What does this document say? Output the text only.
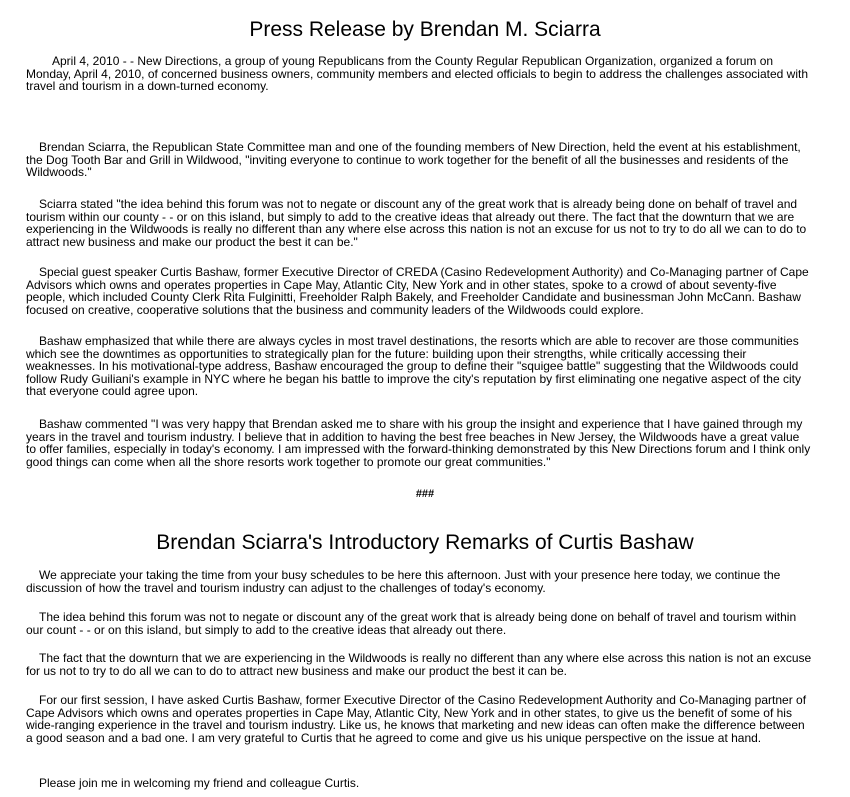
Press Release by Brendan M. Sciarra

April 4, 2010 - - New Directions, a group of young Republicans from the County Regular Republican Organization, organized a forum on Monday, April 4, 2010, of concerned business owners, community members and elected officials to begin to address the challenges associated with travel and tourism in a down-turned economy.

Brendan Sciarra, the Republican State Committee man and one of the founding members of New Direction, held the event at his establishment, the Dog Tooth Bar and Grill in Wildwood, "inviting everyone to continue to work together for the benefit of all the businesses and residents of the Wildwoods."

Sciarra stated "the idea behind this forum was not to negate or discount any of the great work that is already being done on behalf of travel and tourism within our county - - or on this island, but simply to add to the creative ideas that already out there. The fact that the downturn that we are experiencing in the Wildwoods is really no different than any where else across this nation is not an excuse for us not to try to do all we can to do to attract new business and make our product the best it can be."

Special guest speaker Curtis Bashaw, former Executive Director of CREDA (Casino Redevelopment Authority) and Co-Managing partner of Cape Advisors which owns and operates properties in Cape May, Atlantic City, New York and in other states, spoke to a crowd of about seventy-five people, which included County Clerk Rita Fulginitti, Freeholder Ralph Bakely, and Freeholder Candidate and businessman John McCann. Bashaw focused on creative, cooperative solutions that the business and community leaders of the Wildwoods could explore.

Bashaw emphasized that while there are always cycles in most travel destinations, the resorts which are able to recover are those communities which see the downtimes as opportunities to strategically plan for the future: building upon their strengths, while critically accessing their weaknesses. In his motivational-type address, Bashaw encouraged the group to define their "squigee battle" suggesting that the Wildwoods could follow Rudy Guiliani's example in NYC where he began his battle to improve the city's reputation by first eliminating one negative aspect of the city that everyone could agree upon.

Bashaw commented "I was very happy that Brendan asked me to share with his group the insight and experience that I have gained through my years in the travel and tourism industry. I believe that in addition to having the best free beaches in New Jersey, the Wildwoods have a great value to offer families, especially in today's economy. I am impressed with the forward-thinking demonstrated by this New Directions forum and I think only good things can come when all the shore resorts work together to promote our great communities."

###

Brendan Sciarra's Introductory Remarks of Curtis Bashaw

We appreciate your taking the time from your busy schedules to be here this afternoon. Just with your presence here today, we continue the discussion of how the travel and tourism industry can adjust to the challenges of today's economy.

The idea behind this forum was not to negate or discount any of the great work that is already being done on behalf of travel and tourism within our count - - or on this island, but simply to add to the creative ideas that already out there.

The fact that the downturn that we are experiencing in the Wildwoods is really no different than any where else across this nation is not an excuse for us not to try to do all we can to do to attract new business and make our product the best it can be.

For our first session, I have asked Curtis Bashaw, former Executive Director of the Casino Redevelopment Authority and Co-Managing partner of Cape Advisors which owns and operates properties in Cape May, Atlantic City, New York and in other states, to give us the benefit of some of his wide-ranging experience in the travel and tourism industry. Like us, he knows that marketing and new ideas can often make the difference between a good season and a bad one. I am very grateful to Curtis that he agreed to come and give us his unique perspective on the issue at hand.

Please join me in welcoming my friend and colleague Curtis.
